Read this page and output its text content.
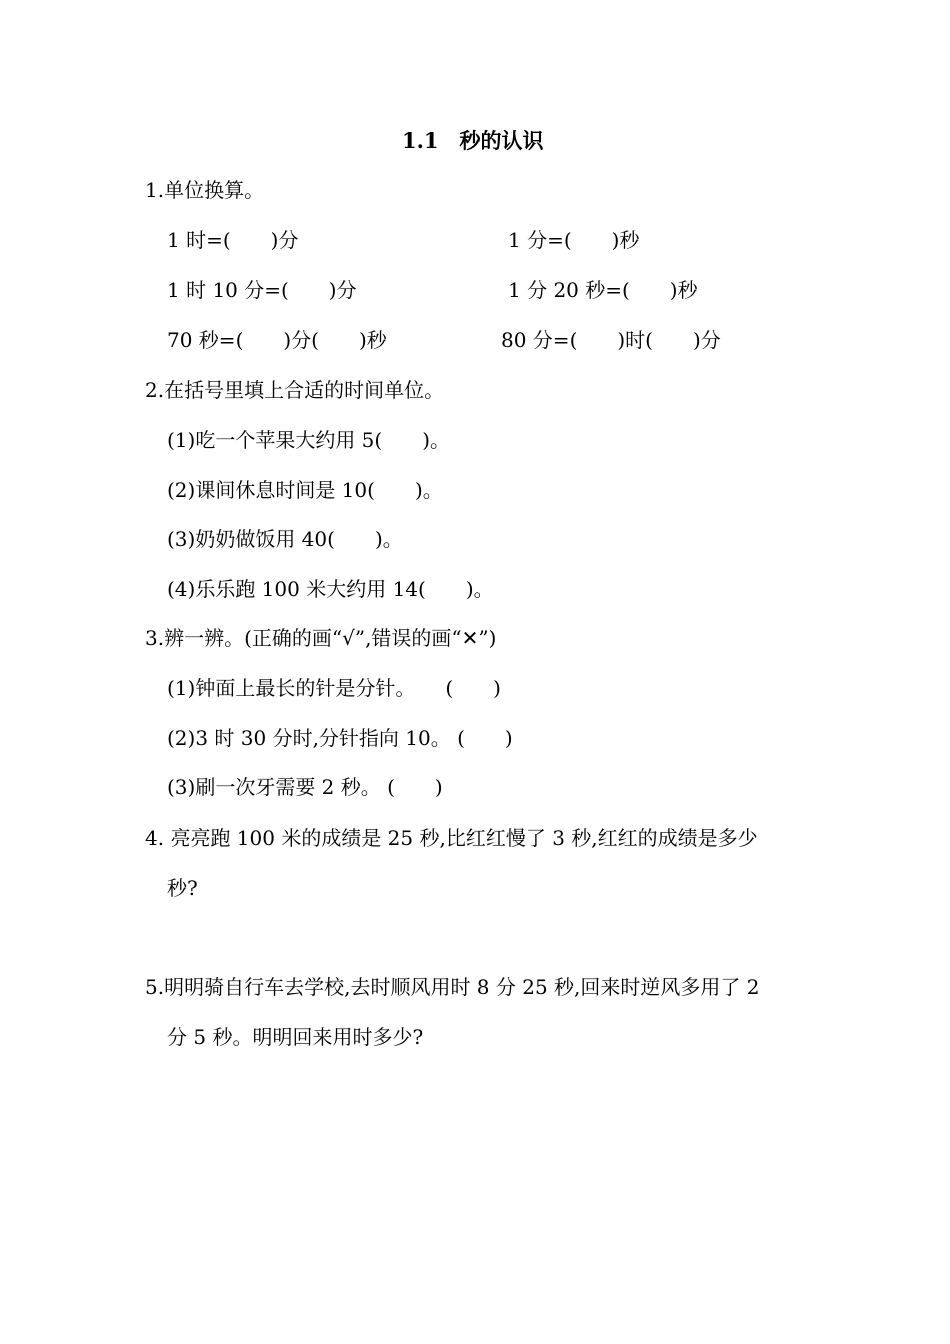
1.1　秒的认识
1.单位换算。
1 时=(　　)分	1 分=(　　)秒
1 时 10 分=(　　)分	1 分 20 秒=(　　)秒
70 秒=(　　)分(　　)秒	80 分=(　　)时(　　)分
2.在括号里填上合适的时间单位。
(1)吃一个苹果大约用 5(　　)。
(2)课间休息时间是 10(　　)。
(3)奶奶做饭用 40(　　)。
(4)乐乐跑 100 米大约用 14(　　)。
3.辨一辨。(正确的画“√”,错误的画“✕”)
(1)钟面上最长的针是分针。　　(　　)
(2)3 时 30 分时,分针指向 10。 (　　)
(3)刷一次牙需要 2 秒。 (　　)
4. 亮亮跑 100 米的成绩是 25 秒,比红红慢了 3 秒,红红的成绩是多少
秒?
5.明明骑自行车去学校,去时顺风用时 8 分 25 秒,回来时逆风多用了 2
分 5 秒。明明回来用时多少?
